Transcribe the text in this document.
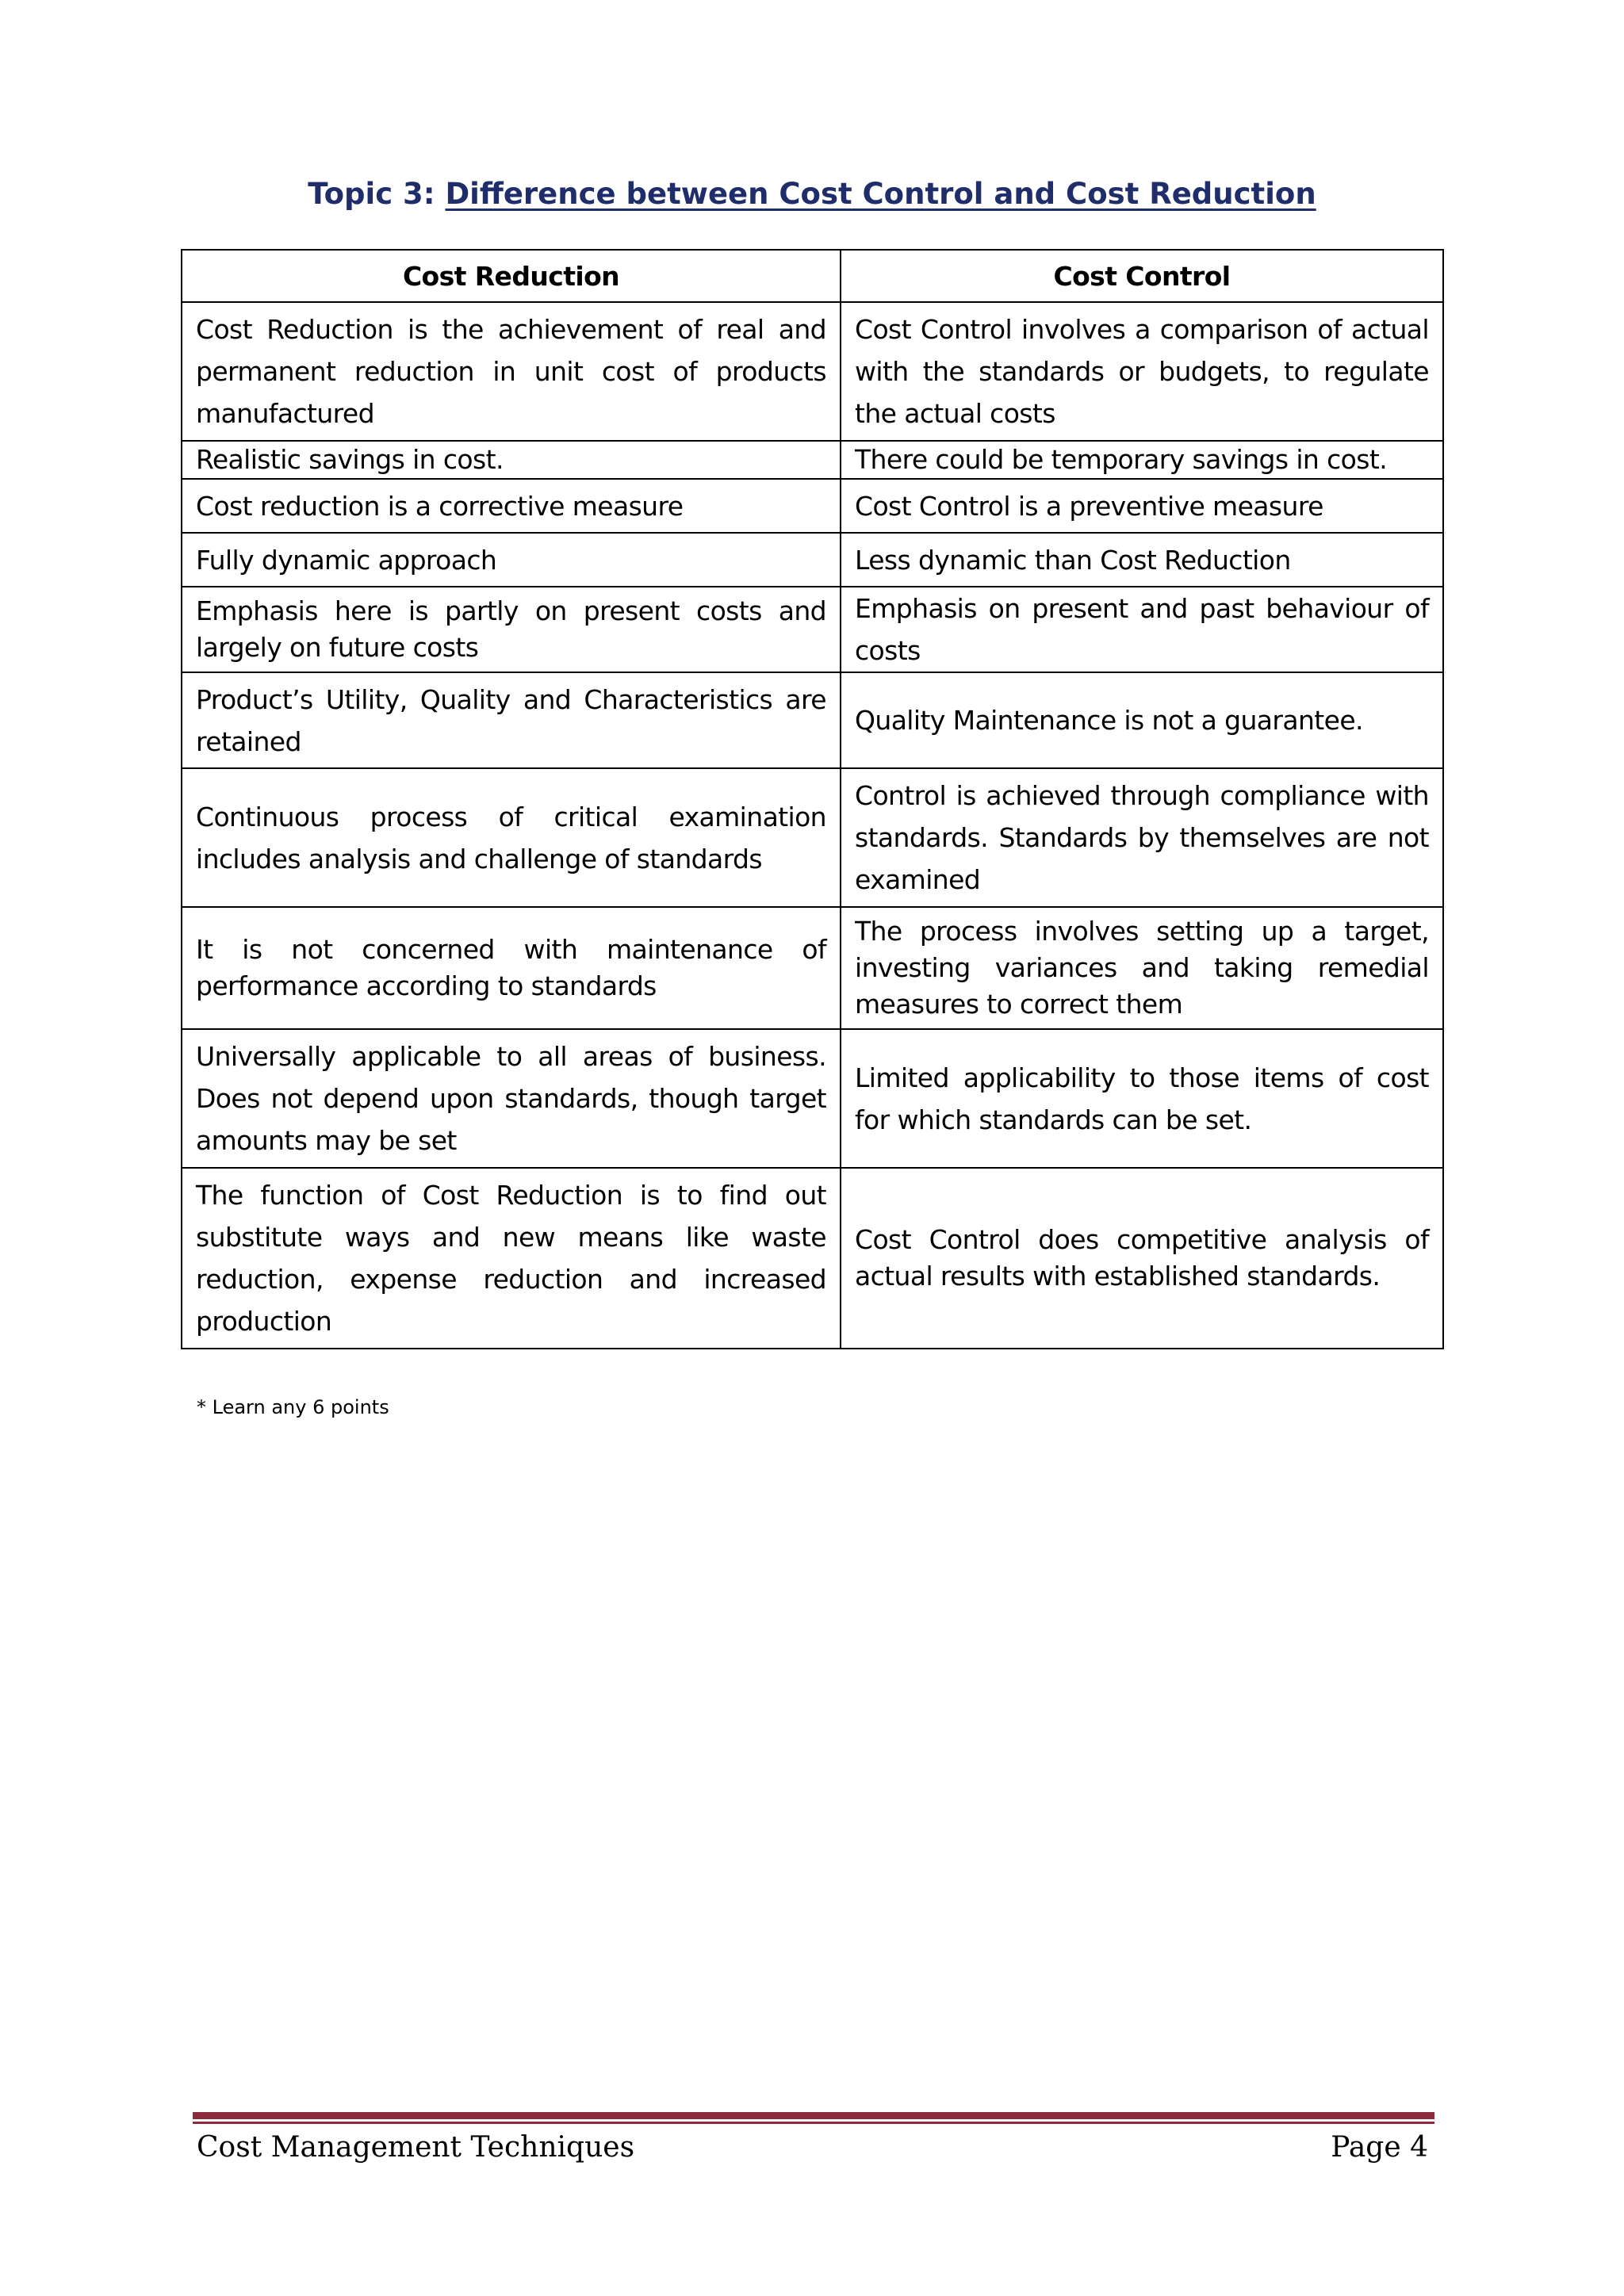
Topic 3: Difference between Cost Control and Cost Reduction
Cost Reduction	Cost Control
Cost Reduction is the achievement of real and permanent reduction in unit cost of products manufactured	Cost Control involves a comparison of actual with the standards or budgets, to regulate the actual costs
Realistic savings in cost.	There could be temporary savings in cost.
Cost reduction is a corrective measure	Cost Control is a preventive measure
Fully dynamic approach	Less dynamic than Cost Reduction
Emphasis here is partly on present costs and largely on future costs	Emphasis on present and past behaviour of costs
Product’s Utility, Quality and Characteristics are retained	Quality Maintenance is not a guarantee.
Continuous process of critical examination includes analysis and challenge of standards	Control is achieved through compliance with standards. Standards by themselves are not examined
It is not concerned with maintenance of performance according to standards	The process involves setting up a target, investing variances and taking remedial measures to correct them
Universally applicable to all areas of business. Does not depend upon standards, though target amounts may be set	Limited applicability to those items of cost for which standards can be set.
The function of Cost Reduction is to find out substitute ways and new means like waste reduction, expense reduction and increased production	Cost Control does competitive analysis of actual results with established standards.
* Learn any 6 points
Cost Management Techniques	Page 4
